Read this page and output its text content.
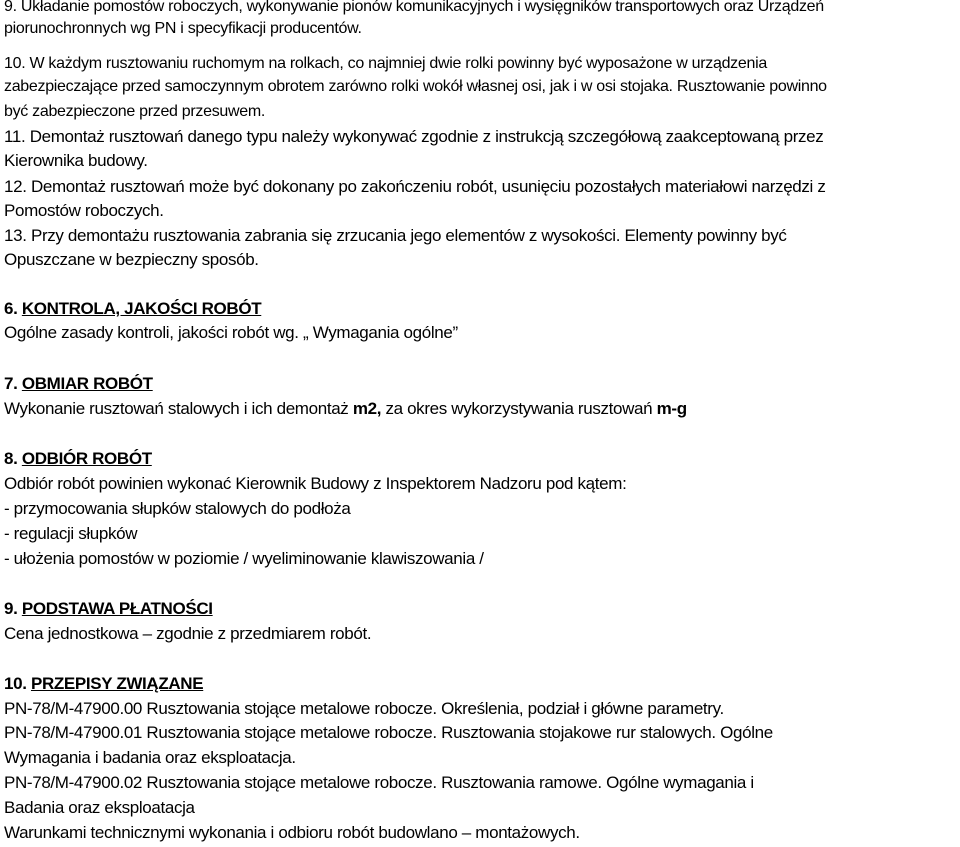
9. Układanie pomostów roboczych, wykonywanie pionów komunikacyjnych i wysięgników transportowych oraz Urządzeń
piorunochronnych wg PN i specyfikacji producentów.
10. W każdym rusztowaniu ruchomym na rolkach, co najmniej dwie rolki powinny być wyposażone w urządzenia
zabezpieczające przed samoczynnym obrotem zarówno rolki wokół własnej osi, jak i w osi stojaka. Rusztowanie powinno
być zabezpieczone przed przesuwem.
11. Demontaż rusztowań danego typu należy wykonywać zgodnie z instrukcją szczegółową zaakceptowaną przez
Kierownika budowy.
12. Demontaż rusztowań może być dokonany po zakończeniu robót, usunięciu pozostałych materiałowi narzędzi z
Pomostów roboczych.
13. Przy demontażu rusztowania zabrania się zrzucania jego elementów z wysokości. Elementy powinny być
Opuszczane w bezpieczny sposób.
6. KONTROLA, JAKOŚCI ROBÓT
Ogólne zasady kontroli, jakości robót wg. „ Wymagania ogólne”
7. OBMIAR ROBÓT
Wykonanie rusztowań stalowych i ich demontaż m2, za okres wykorzystywania rusztowań m-g
8. ODBIÓR ROBÓT
Odbiór robót powinien wykonać Kierownik Budowy z Inspektorem Nadzoru pod kątem:
- przymocowania słupków stalowych do podłoża
- regulacji słupków
- ułożenia pomostów w poziomie / wyeliminowanie klawiszowania /
9. PODSTAWA PŁATNOŚCI
Cena jednostkowa – zgodnie z przedmiarem robót.
10. PRZEPISY ZWIĄZANE
PN-78/M-47900.00 Rusztowania stojące metalowe robocze. Określenia, podział i główne parametry.
PN-78/M-47900.01 Rusztowania stojące metalowe robocze. Rusztowania stojakowe rur stalowych. Ogólne
Wymagania i badania oraz eksploatacja.
PN-78/M-47900.02 Rusztowania stojące metalowe robocze. Rusztowania ramowe. Ogólne wymagania i
Badania oraz eksploatacja
Warunkami technicznymi wykonania i odbioru robót budowlano – montażowych.
